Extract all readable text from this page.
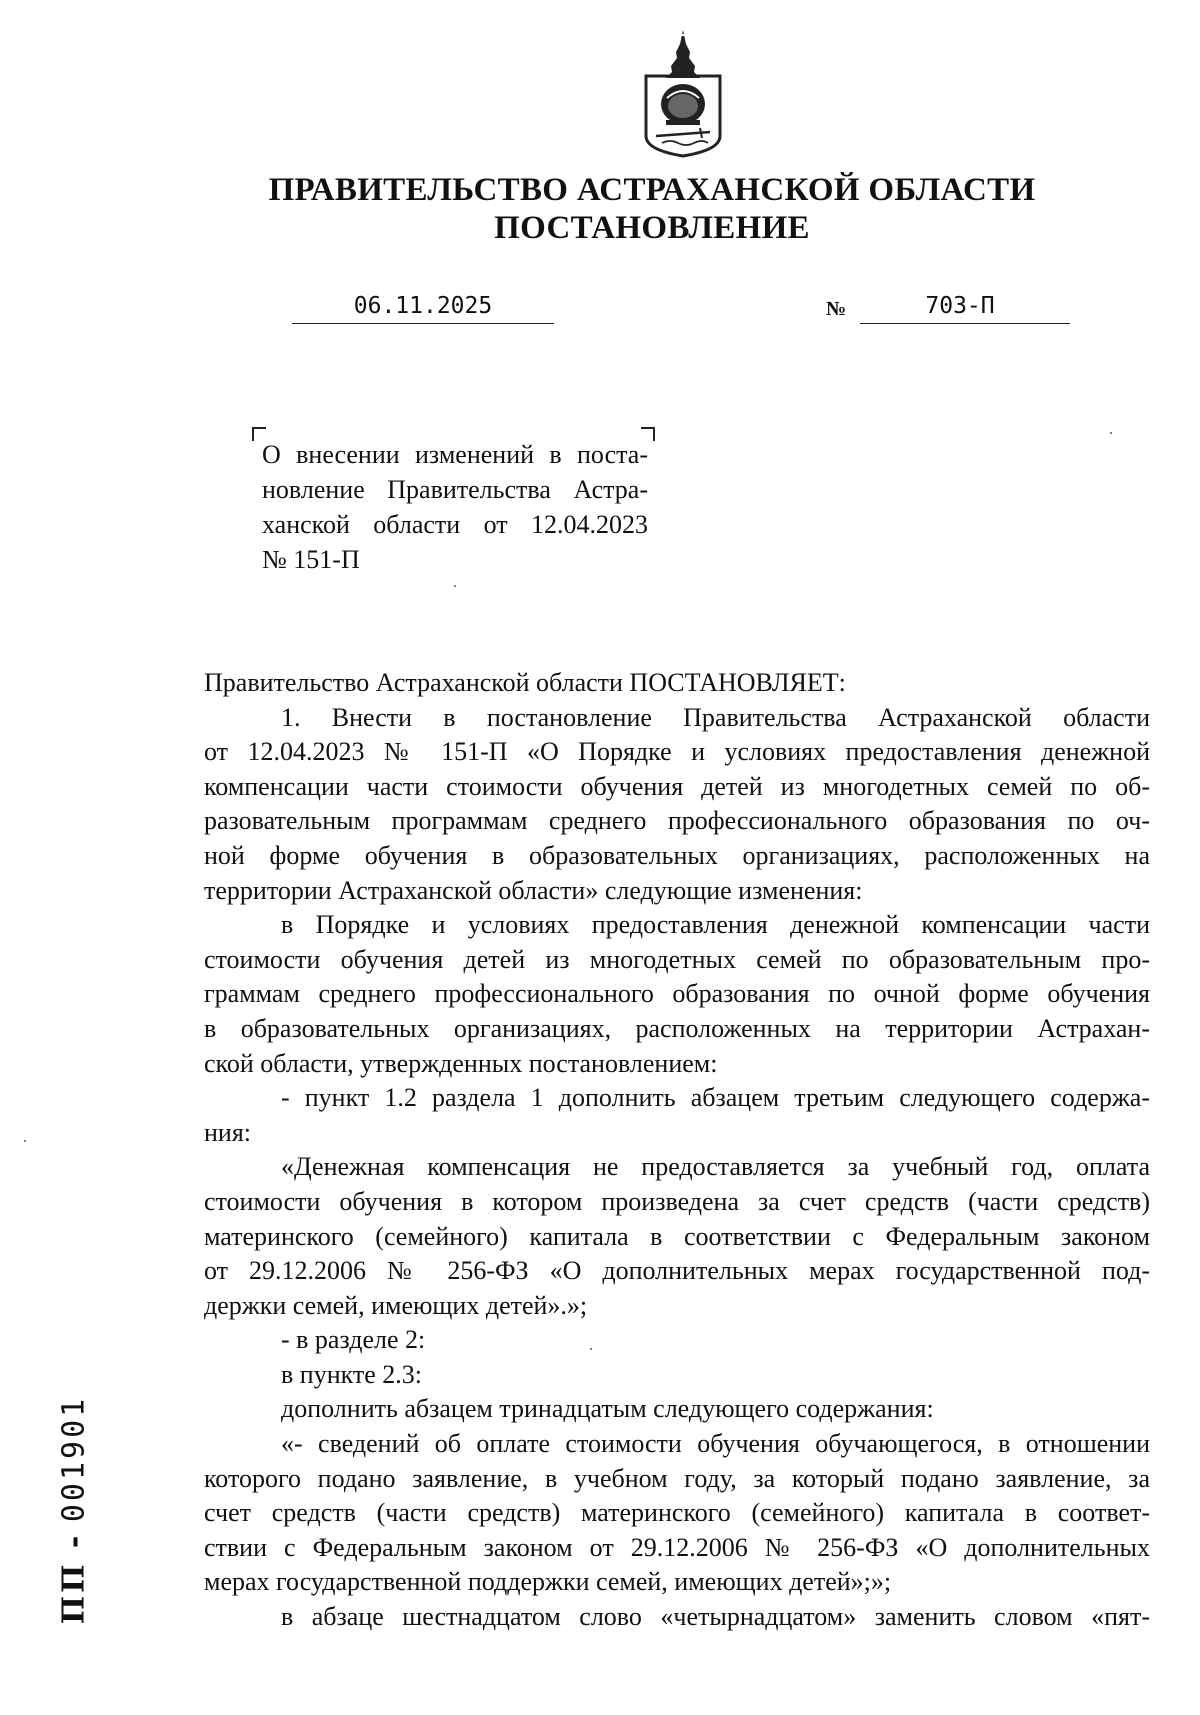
ПРАВИТЕЛЬСТВО АСТРАХАНСКОЙ ОБЛАСТИ
ПОСТАНОВЛЕНИЕ
06.11.2025	№	703-П
О внесении изменений в поста-
новление Правительства Астра-
ханской области от 12.04.2023
№ 151-П
Правительство Астраханской области ПОСТАНОВЛЯЕТ:
1. Внести в постановление Правительства Астраханской области
от 12.04.2023 № 151-П «О Порядке и условиях предоставления денежной
компенсации части стоимости обучения детей из многодетных семей по об-
разовательным программам среднего профессионального образования по оч-
ной форме обучения в образовательных организациях, расположенных на
территории Астраханской области» следующие изменения:
в Порядке и условиях предоставления денежной компенсации части
стоимости обучения детей из многодетных семей по образовательным про-
граммам среднего профессионального образования по очной форме обучения
в образовательных организациях, расположенных на территории Астрахан-
ской области, утвержденных постановлением:
- пункт 1.2 раздела 1 дополнить абзацем третьим следующего содержа-
ния:
«Денежная компенсация не предоставляется за учебный год, оплата
стоимости обучения в котором произведена за счет средств (части средств)
материнского (семейного) капитала в соответствии с Федеральным законом
от 29.12.2006 № 256-ФЗ «О дополнительных мерах государственной под-
держки семей, имеющих детей».»;
- в разделе 2:
в пункте 2.3:
дополнить абзацем тринадцатым следующего содержания:
«- сведений об оплате стоимости обучения обучающегося, в отношении
которого подано заявление, в учебном году, за который подано заявление, за
счет средств (части средств) материнского (семейного) капитала в соответ-
ствии с Федеральным законом от 29.12.2006 № 256-ФЗ «О дополнительных
мерах государственной поддержки семей, имеющих детей»;»;
в абзаце шестнадцатом слово «четырнадцатом» заменить словом «пят-
ПП - 001901
